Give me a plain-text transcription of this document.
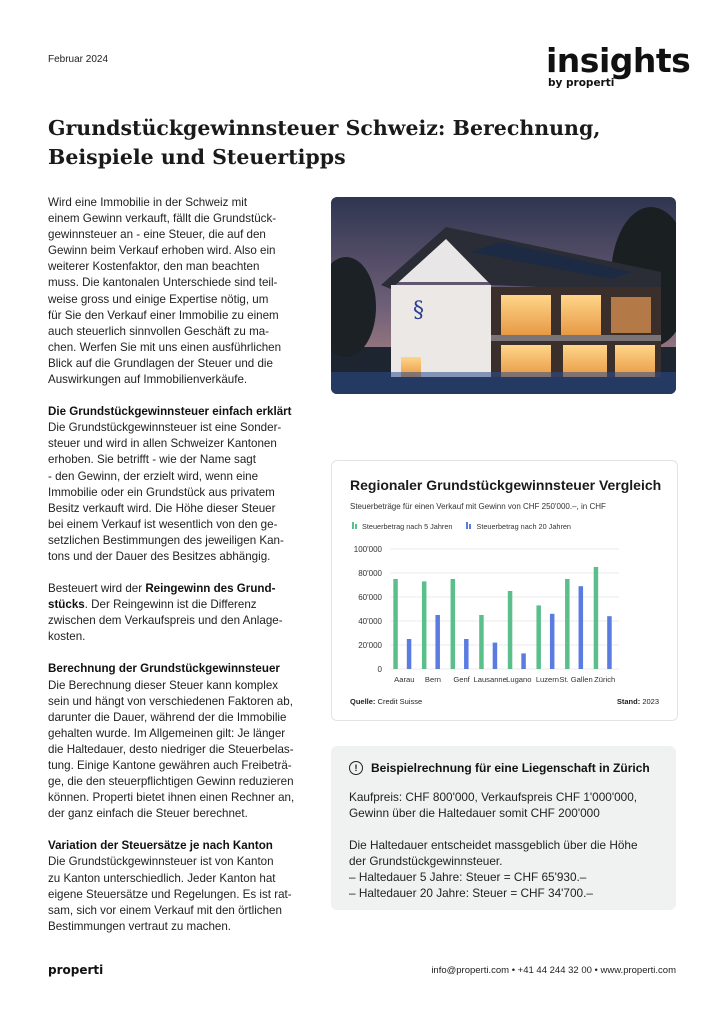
Februar 2024	insights
by properti
Grundstückgewinnsteuer Schweiz: Berechnung,
Beispiele und Steuertipps

Wird eine Immobilie in der Schweiz mit
einem Gewinn verkauft, fällt die Grundstück-
gewinnsteuer an - eine Steuer, die auf den
Gewinn beim Verkauf erhoben wird. Also ein
weiterer Kostenfaktor, den man beachten
muss. Die kantonalen Unterschiede sind teil-
weise gross und einige Expertise nötig, um
für Sie den Verkauf einer Immobilie zu einem
auch steuerlich sinnvollen Geschäft zu ma-
chen. Werfen Sie mit uns einen ausführlichen
Blick auf die Grundlagen der Steuer und die
Auswirkungen auf Immobilienverkäufe.

Die Grundstückgewinnsteuer einfach erklärt

Die Grundstückgewinnsteuer ist eine Sonder-
steuer und wird in allen Schweizer Kantonen
erhoben. Sie betrifft - wie der Name sagt
- den Gewinn, der erzielt wird, wenn eine
Immobilie oder ein Grundstück aus privatem
Besitz verkauft wird. Die Höhe dieser Steuer
bei einem Verkauf ist wesentlich von den ge-
setzlichen Bestimmungen des jeweiligen Kan-
tons und der Dauer des Besitzes abhängig.

Besteuert wird der Reingewinn des Grund-
stücks. Der Reingewinn ist die Differenz
zwischen dem Verkaufspreis und den Anlage-
kosten.

Berechnung der Grundstückgewinnsteuer

Die Berechnung dieser Steuer kann komplex
sein und hängt von verschiedenen Faktoren ab,
darunter die Dauer, während der die Immobilie
gehalten wurde. Im Allgemeinen gilt: Je länger
die Haltedauer, desto niedriger die Steuerbelas-
tung. Einige Kantone gewähren auch Freibeträ-
ge, die den steuerpflichtigen Gewinn reduzieren
können. Properti bietet ihnen einen Rechner an,
der ganz einfach die Steuer berechnet.

Variation der Steuersätze je nach Kanton

Die Grundstückgewinnsteuer ist von Kanton
zu Kanton unterschiedlich. Jeder Kanton hat
eigene Steuersätze und Regelungen. Es ist rat-
sam, sich vor einem Verkauf mit den örtlichen
Bestimmungen vertraut zu machen.

§
Regionaler Grundstückgewinnsteuer Vergleich
Steuerbeträge für einen Verkauf mit Gewinn von CHF 250'000.–, in CHF
Steuerbetrag nach 5 Jahren	Steuerbetrag nach 20 Jahren
100'000
80'000
60'000
40'000
20'000
0
Aarau Bern Genf Lausanne Lugano Luzern St. Gallen Zürich
Quelle: Credit Suisse	Stand: 2023
!	Beispielrechnung für eine Liegenschaft in Zürich

Kaufpreis: CHF 800'000, Verkaufspreis CHF 1'000'000,
Gewinn über die Haltedauer somit CHF 200'000

Die Haltedauer entscheidet massgeblich über die Höhe
der Grundstückgewinnsteuer.
– Haltedauer 5 Jahre: Steuer = CHF 65'930.–
– Haltedauer 20 Jahre: Steuer = CHF 34'700.–

properti	info@properti.com • +41 44 244 32 00 • www.properti.com
